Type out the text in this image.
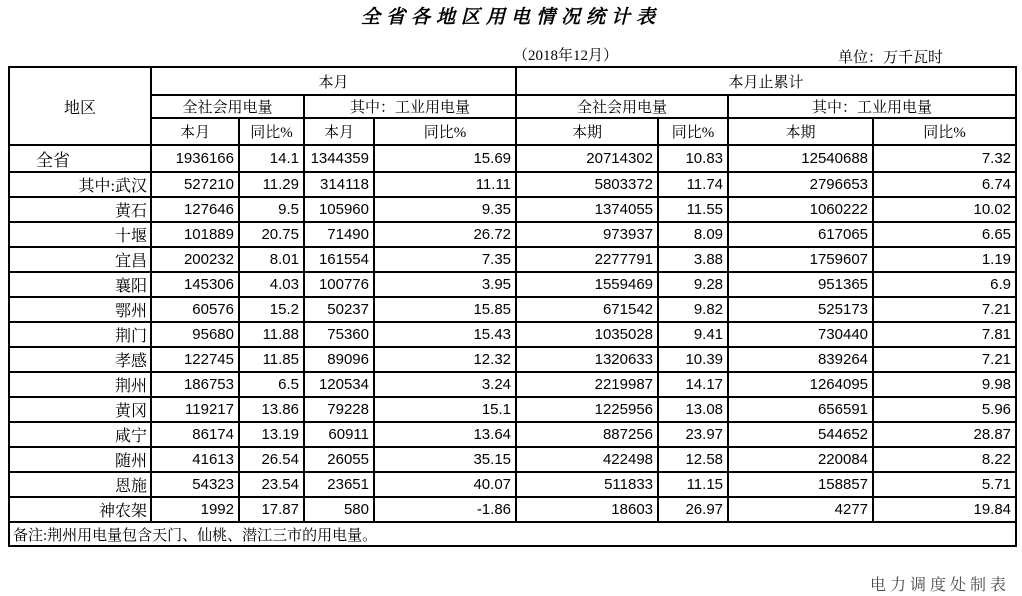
全省各地区用电情况统计表
（2018年12月）	单位：万千瓦时
地区	本月				本月止累计			
	全社会用电量		其中：工业用电量		全社会用电量		其中：工业用电量	
	本月	同比%	本月	同比%	本期	同比%	本期	同比%
全省	1936166	14.1	1344359	15.69	20714302	10.83	12540688	7.32
其中:武汉	527210	11.29	314118	11.11	5803372	11.74	2796653	6.74
黄石	127646	9.5	105960	9.35	1374055	11.55	1060222	10.02
十堰	101889	20.75	71490	26.72	973937	8.09	617065	6.65
宜昌	200232	8.01	161554	7.35	2277791	3.88	1759607	1.19
襄阳	145306	4.03	100776	3.95	1559469	9.28	951365	6.9
鄂州	60576	15.2	50237	15.85	671542	9.82	525173	7.21
荆门	95680	11.88	75360	15.43	1035028	9.41	730440	7.81
孝感	122745	11.85	89096	12.32	1320633	10.39	839264	7.21
荆州	186753	6.5	120534	3.24	2219987	14.17	1264095	9.98
黄冈	119217	13.86	79228	15.1	1225956	13.08	656591	5.96
咸宁	86174	13.19	60911	13.64	887256	23.97	544652	28.87
随州	41613	26.54	26055	35.15	422498	12.58	220084	8.22
恩施	54323	23.54	23651	40.07	511833	11.15	158857	5.71
神农架	1992	17.87	580	-1.86	18603	26.97	4277	19.84
备注:荆州用电量包含天门、仙桃、潜江三市的用电量。								
电力调度处制表
